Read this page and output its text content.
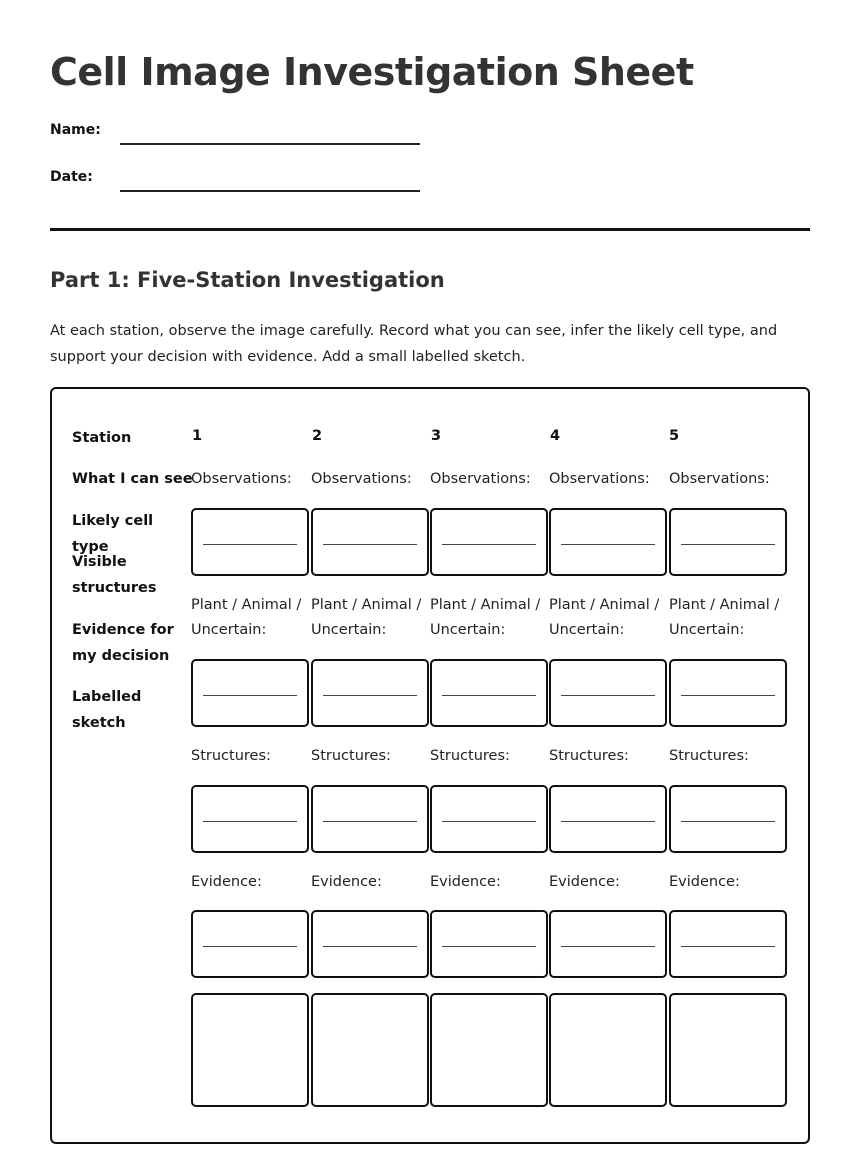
Cell Image Investigation Sheet
Name:
Date:
Part 1: Five-Station Investigation
At each station, observe the image carefully. Record what you can see, infer the likely cell type, and support your decision with evidence. Add a small labelled sketch.
Station
What I can see
Likely cell type
Visible structures
Evidence for my decision
Labelled sketch
1
Observations:
Plant / Animal /
Uncertain:
Structures:
Evidence:
2
Observations:
Plant / Animal /
Uncertain:
Structures:
Evidence:
3
Observations:
Plant / Animal /
Uncertain:
Structures:
Evidence:
4
Observations:
Plant / Animal /
Uncertain:
Structures:
Evidence:
5
Observations:
Plant / Animal /
Uncertain:
Structures:
Evidence:
